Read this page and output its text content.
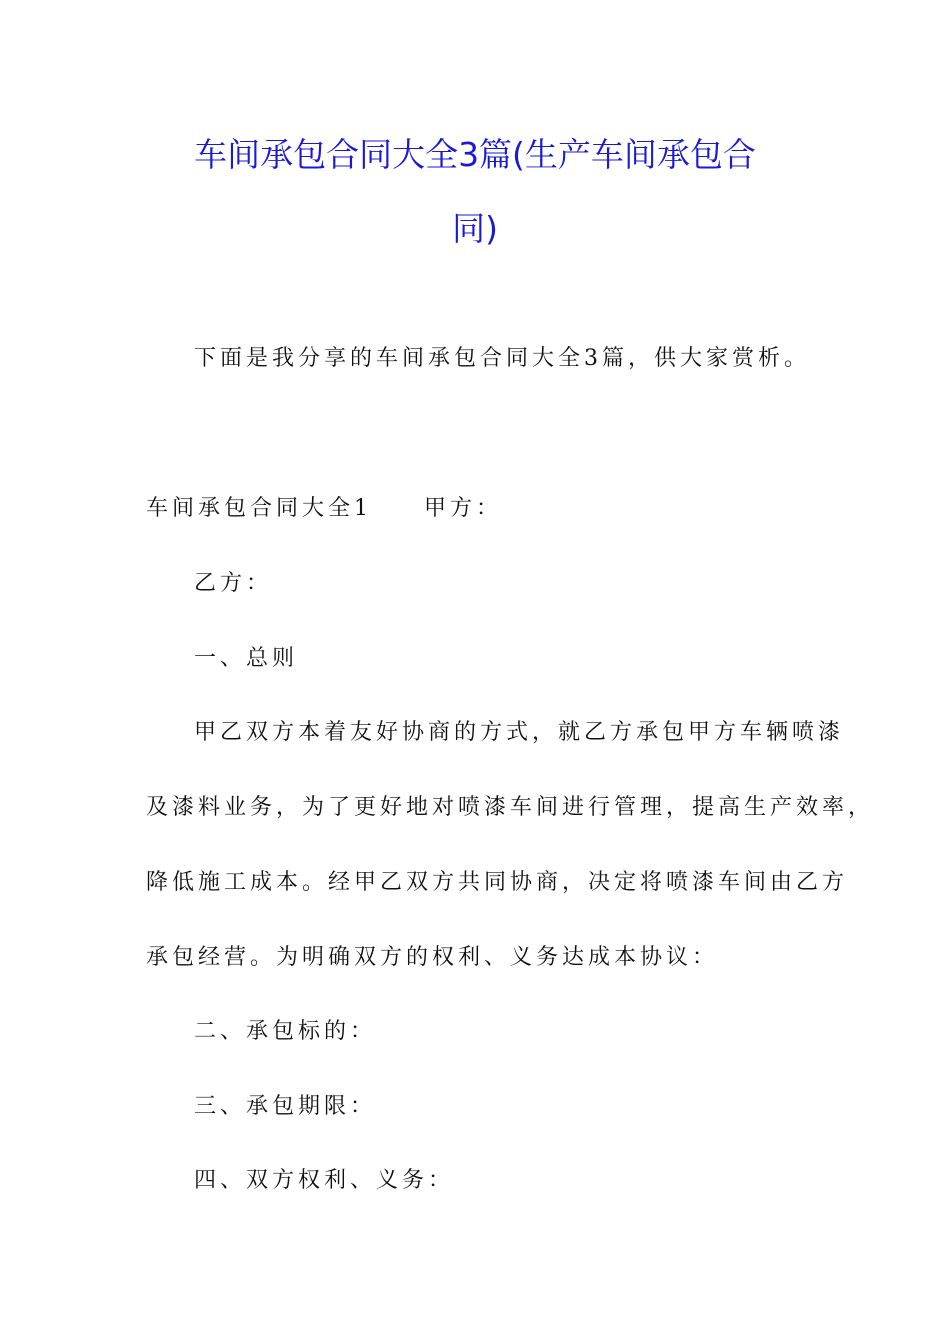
车间承包合同大全3篇(生产车间承包合
同)
下面是我分享的车间承包合同大全3篇，供大家赏析。
车间承包合同大全1 甲方：
乙方：
一、总则
甲乙双方本着友好协商的方式，就乙方承包甲方车辆喷漆
及漆料业务，为了更好地对喷漆车间进行管理，提高生产效率，
降低施工成本。经甲乙双方共同协商，决定将喷漆车间由乙方
承包经营。为明确双方的权利、义务达成本协议：
二、承包标的：
三、承包期限：
四、双方权利、义务：
